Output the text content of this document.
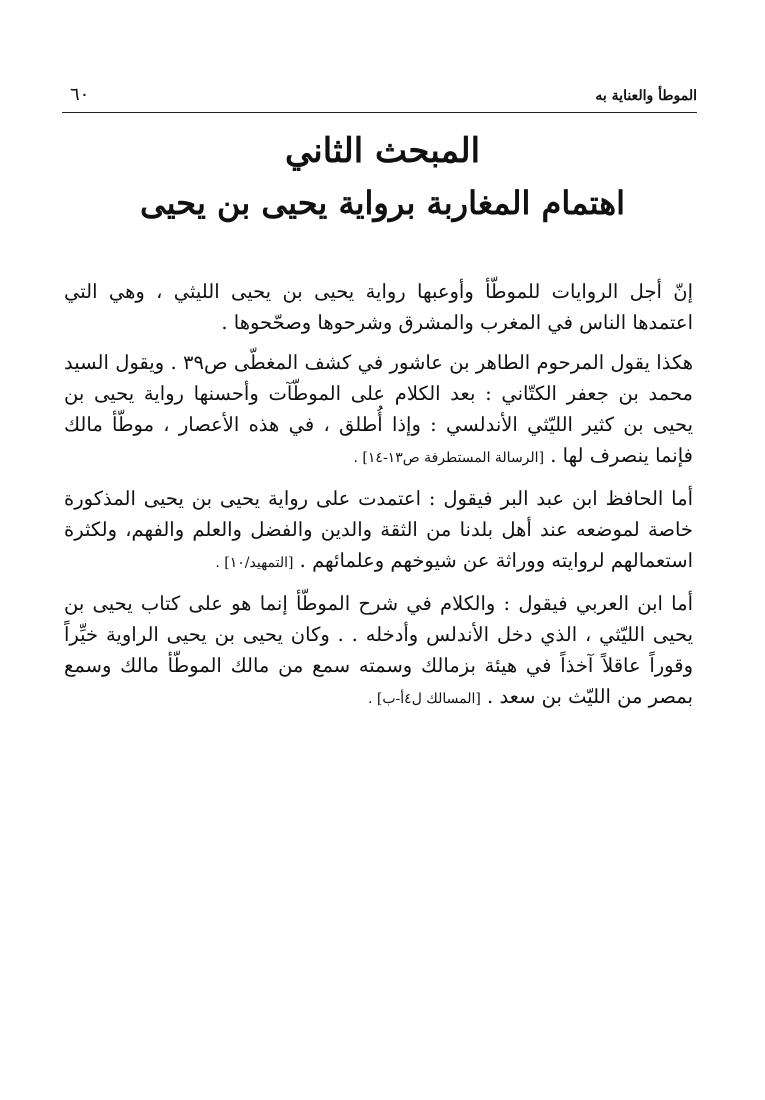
الموطأ والعناية به
٦٠
المبحث الثاني
اهتمام المغاربة برواية يحيى بن يحيى

إنّ أجل الروايات للموطّأ وأوعبها رواية يحيى بن يحيى الليثي ، وهي التي اعتمدها الناس في المغرب والمشرق وشرحوها وصحّحوها .

هكذا يقول المرحوم الطاهر بن عاشور في كشف المغطّى ص٣٩ . ويقول السيد محمد بن جعفر الكتّاني : بعد الكلام على الموطّآت وأحسنها رواية يحيى بن يحيى بن كثير الليّثي الأندلسي : وإذا أُطلق ، في هذه الأعصار ، موطّأ مالك فإنما ينصرف لها . [الرسالة المستطرفة ص١٣-١٤] .

أما الحافظ ابن عبد البر فيقول : اعتمدت على رواية يحيى بن يحيى المذكورة خاصة لموضعه عند أهل بلدنا من الثقة والدين والفضل والعلم والفهم، ولكثرة استعمالهم لروايته ووراثة عن شيوخهم وعلمائهم . [التمهيد/١٠] .

أما ابن العربي فيقول : والكلام في شرح الموطّأ إنما هو على كتاب يحيى بن يحيى الليّثي ، الذي دخل الأندلس وأدخله . . وكان يحيى بن يحيى الراوية خيِّراً وقوراً عاقلاً آخذاً في هيئة بزمالك وسمته سمع من مالك الموطّأ مالك وسمع بمصر من الليّث بن سعد . [المسالك ل٤أ-ب] .
